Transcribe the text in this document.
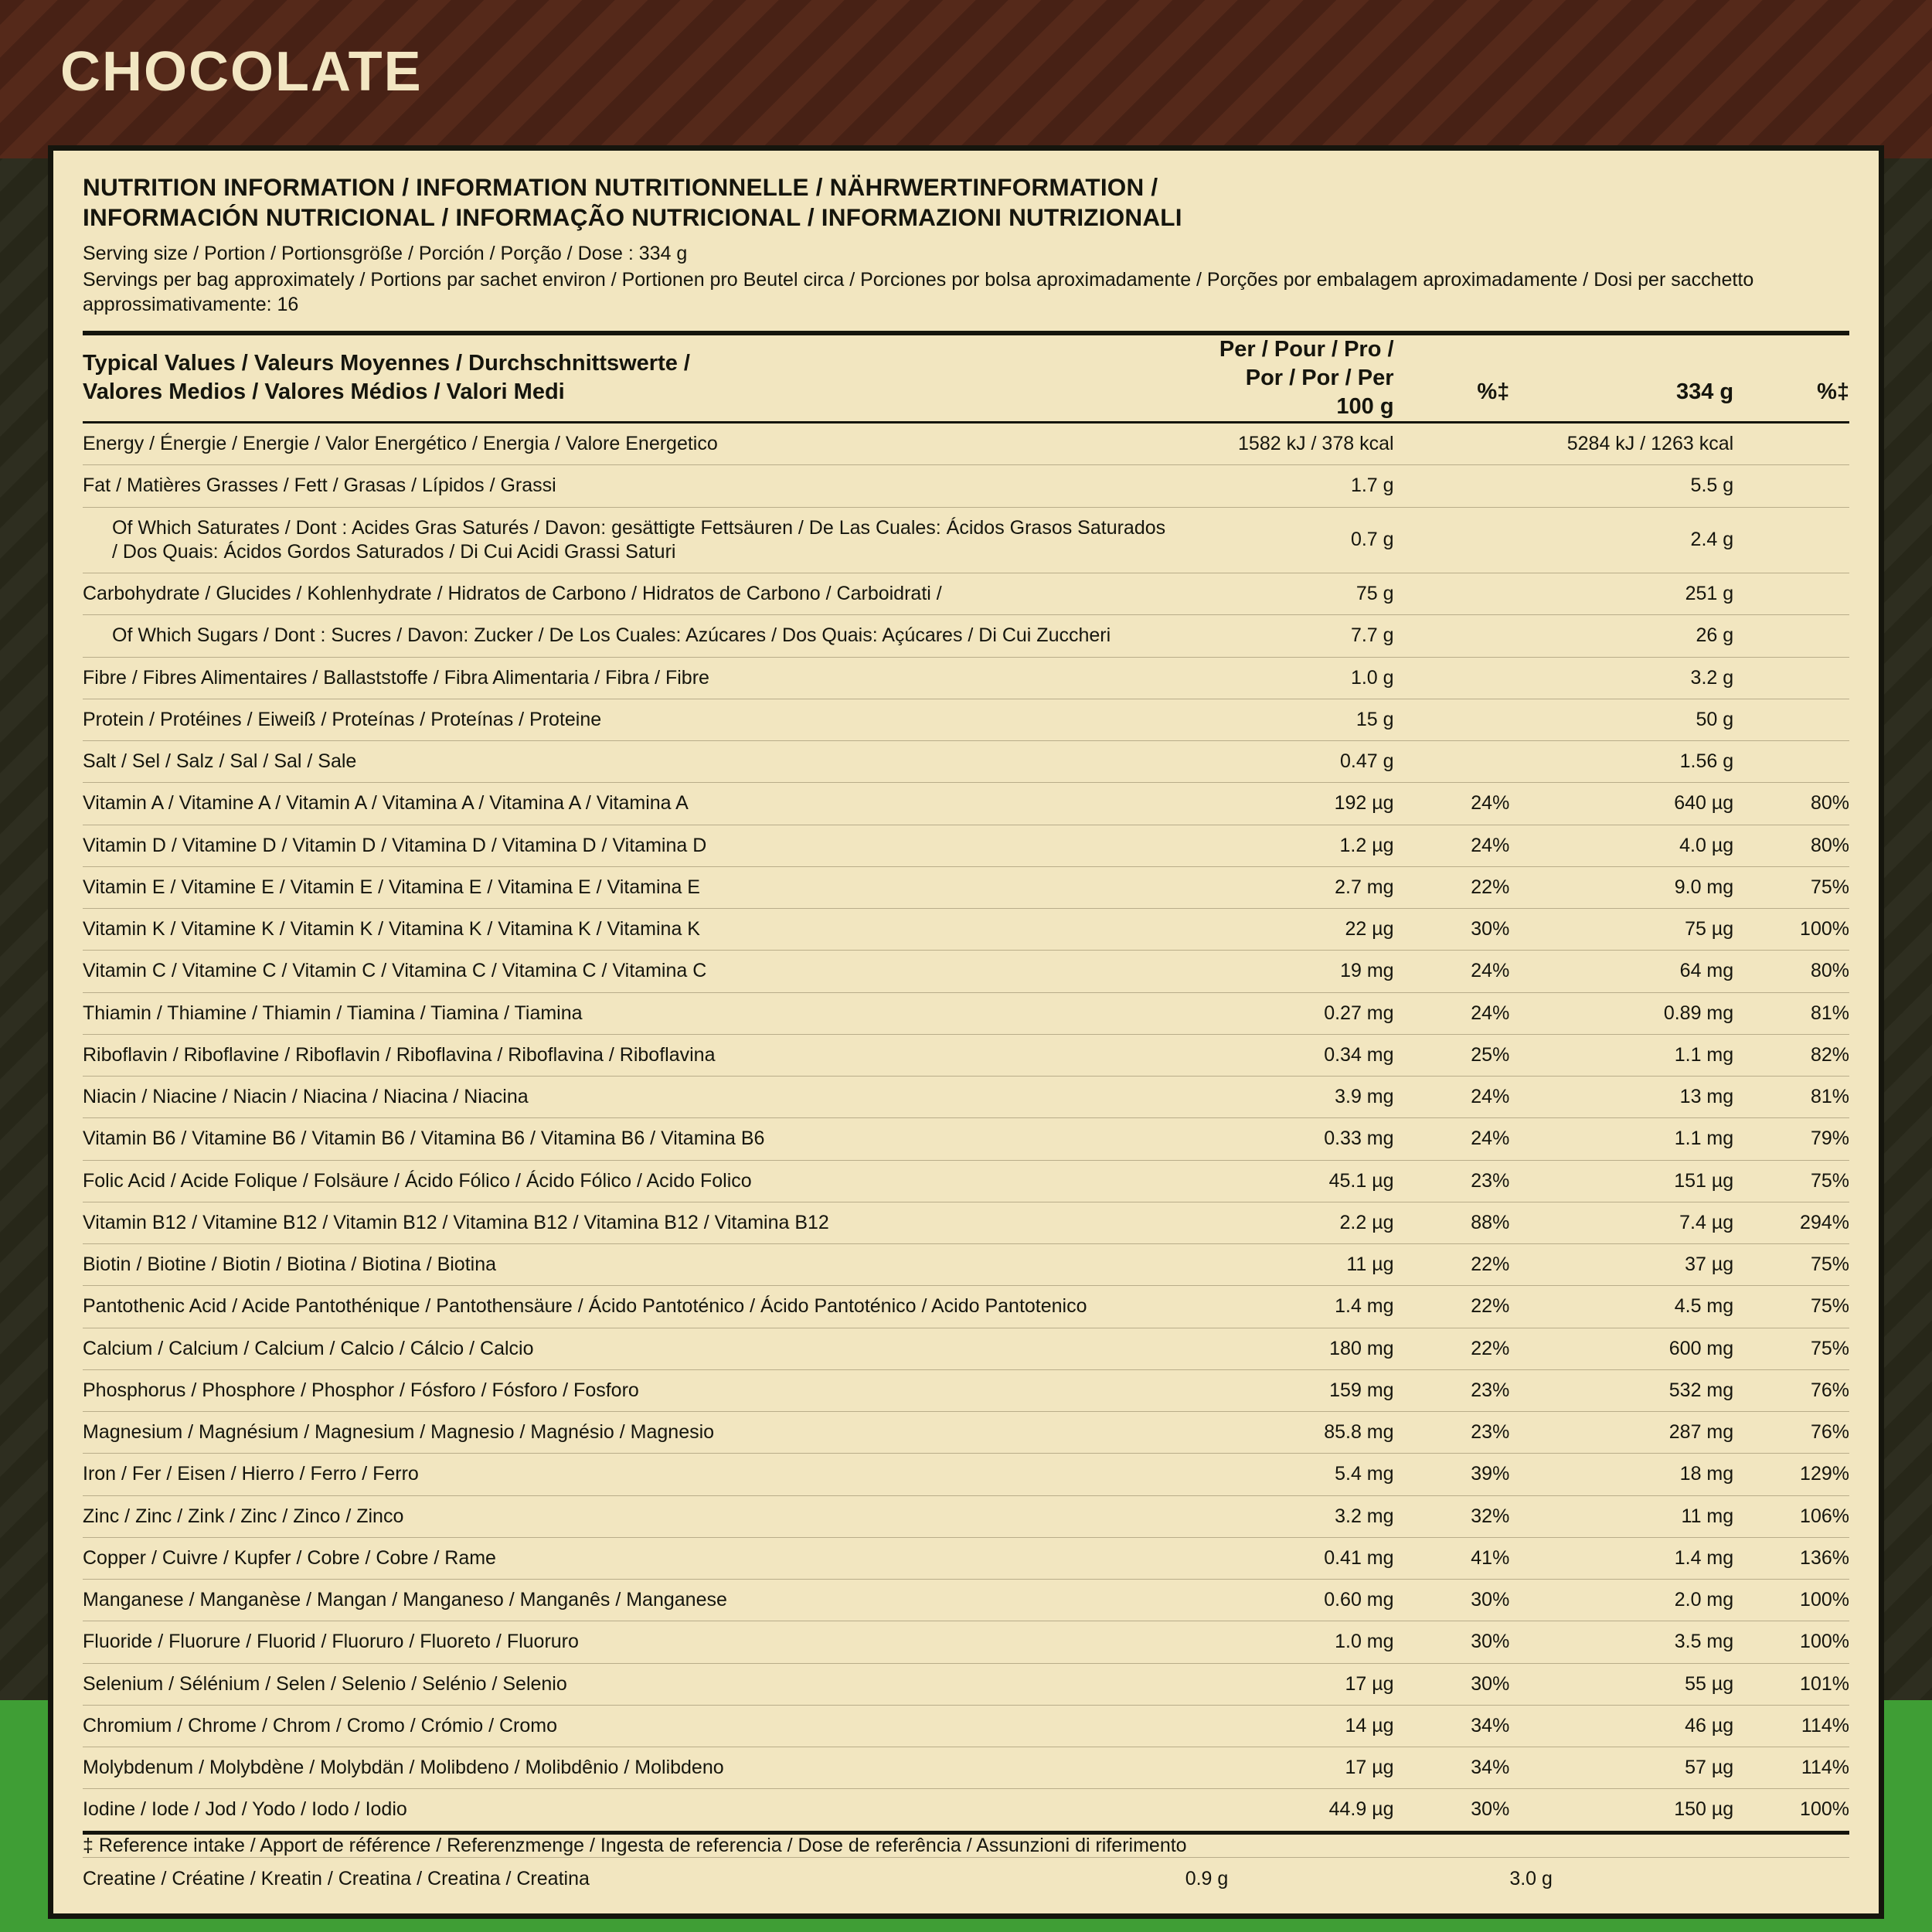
CHOCOLATE
NUTRITION INFORMATION / INFORMATION NUTRITIONNELLE / NÄHRWERTINFORMATION /
INFORMACIÓN NUTRICIONAL / INFORMAÇÃO NUTRICIONAL / INFORMAZIONI NUTRIZIONALI
Serving size / Portion / Portionsgröße / Porción / Porção / Dose : 334 g
Servings per bag approximately / Portions par sachet environ / Portionen pro Beutel circa / Porciones por bolsa aproximadamente / Porções por embalagem aproximadamente / Dosi per sacchetto approssimativamente: 16
Typical Values / Valeurs Moyennes / Durchschnittswerte /
Valores Medios / Valores Médios / Valori Medi	Per / Pour / Pro / Por / Por / Per
100 g	%‡	334 g	%‡
Energy / Énergie / Energie / Valor Energético / Energia / Valore Energetico	1582 kJ / 378 kcal		5284 kJ / 1263 kcal	
Fat / Matières Grasses / Fett / Grasas / Lípidos / Grassi	1.7 g		5.5 g	
Of Which Saturates / Dont : Acides Gras Saturés / Davon: gesättigte Fettsäuren / De Las Cuales: Ácidos Grasos Saturados / Dos Quais: Ácidos Gordos Saturados / Di Cui Acidi Grassi Saturi	0.7 g		2.4 g	
Carbohydrate / Glucides / Kohlenhydrate / Hidratos de Carbono / Hidratos de Carbono / Carboidrati /	75 g		251 g	
Of Which Sugars / Dont : Sucres / Davon: Zucker / De Los Cuales: Azúcares / Dos Quais: Açúcares / Di Cui Zuccheri	7.7 g		26 g	
Fibre / Fibres Alimentaires / Ballaststoffe / Fibra Alimentaria / Fibra / Fibre	1.0 g		3.2 g	
Protein / Protéines / Eiweiß / Proteínas / Proteínas / Proteine	15 g		50 g	
Salt / Sel / Salz / Sal / Sal / Sale	0.47 g		1.56 g	
Vitamin A / Vitamine A / Vitamin A / Vitamina A / Vitamina A / Vitamina A	192 µg	24%	640 µg	80%
Vitamin D / Vitamine D / Vitamin D / Vitamina D / Vitamina D / Vitamina D	1.2 µg	24%	4.0 µg	80%
Vitamin E / Vitamine E / Vitamin E / Vitamina E / Vitamina E / Vitamina E	2.7 mg	22%	9.0 mg	75%
Vitamin K / Vitamine K / Vitamin K / Vitamina K / Vitamina K / Vitamina K	22 µg	30%	75 µg	100%
Vitamin C / Vitamine C / Vitamin C / Vitamina C / Vitamina C / Vitamina C	19 mg	24%	64 mg	80%
Thiamin / Thiamine / Thiamin / Tiamina / Tiamina / Tiamina	0.27 mg	24%	0.89 mg	81%
Riboflavin / Riboflavine / Riboflavin / Riboflavina / Riboflavina / Riboflavina	0.34 mg	25%	1.1 mg	82%
Niacin / Niacine / Niacin / Niacina / Niacina / Niacina	3.9 mg	24%	13 mg	81%
Vitamin B6 / Vitamine B6 / Vitamin B6 / Vitamina B6 / Vitamina B6 / Vitamina B6	0.33 mg	24%	1.1 mg	79%
Folic Acid / Acide Folique / Folsäure / Ácido Fólico / Ácido Fólico / Acido Folico	45.1 µg	23%	151 µg	75%
Vitamin B12 / Vitamine B12 / Vitamin B12 / Vitamina B12 / Vitamina B12 / Vitamina B12	2.2 µg	88%	7.4 µg	294%
Biotin / Biotine / Biotin / Biotina / Biotina / Biotina	11 µg	22%	37 µg	75%
Pantothenic Acid / Acide Pantothénique / Pantothensäure / Ácido Pantoténico / Ácido Pantoténico / Acido Pantotenico	1.4 mg	22%	4.5 mg	75%
Calcium / Calcium / Calcium / Calcio / Cálcio / Calcio	180 mg	22%	600 mg	75%
Phosphorus / Phosphore / Phosphor / Fósforo / Fósforo / Fosforo	159 mg	23%	532 mg	76%
Magnesium / Magnésium / Magnesium / Magnesio / Magnésio / Magnesio	85.8 mg	23%	287 mg	76%
Iron / Fer / Eisen / Hierro / Ferro / Ferro	5.4 mg	39%	18 mg	129%
Zinc / Zinc / Zink / Zinc / Zinco / Zinco	3.2 mg	32%	11 mg	106%
Copper / Cuivre / Kupfer / Cobre / Cobre / Rame	0.41 mg	41%	1.4 mg	136%
Manganese / Manganèse / Mangan / Manganeso / Manganês / Manganese	0.60 mg	30%	2.0 mg	100%
Fluoride / Fluorure / Fluorid / Fluoruro / Fluoreto / Fluoruro	1.0 mg	30%	3.5 mg	100%
Selenium / Sélénium / Selen / Selenio / Selénio / Selenio	17 µg	30%	55 µg	101%
Chromium / Chrome / Chrom / Cromo / Crómio / Cromo	14 µg	34%	46 µg	114%
Molybdenum / Molybdène / Molybdän / Molibdeno / Molibdênio / Molibdeno	17 µg	34%	57 µg	114%
Iodine / Iode / Jod / Yodo / Iodo / Iodio	44.9 µg	30%	150 µg	100%
‡ Reference intake / Apport de référence / Referenzmenge / Ingesta de referencia / Dose de referência / Assunzioni di riferimento				
Creatine / Créatine / Kreatin / Creatina / Creatina / Creatina	0.9 g		3.0 g	
